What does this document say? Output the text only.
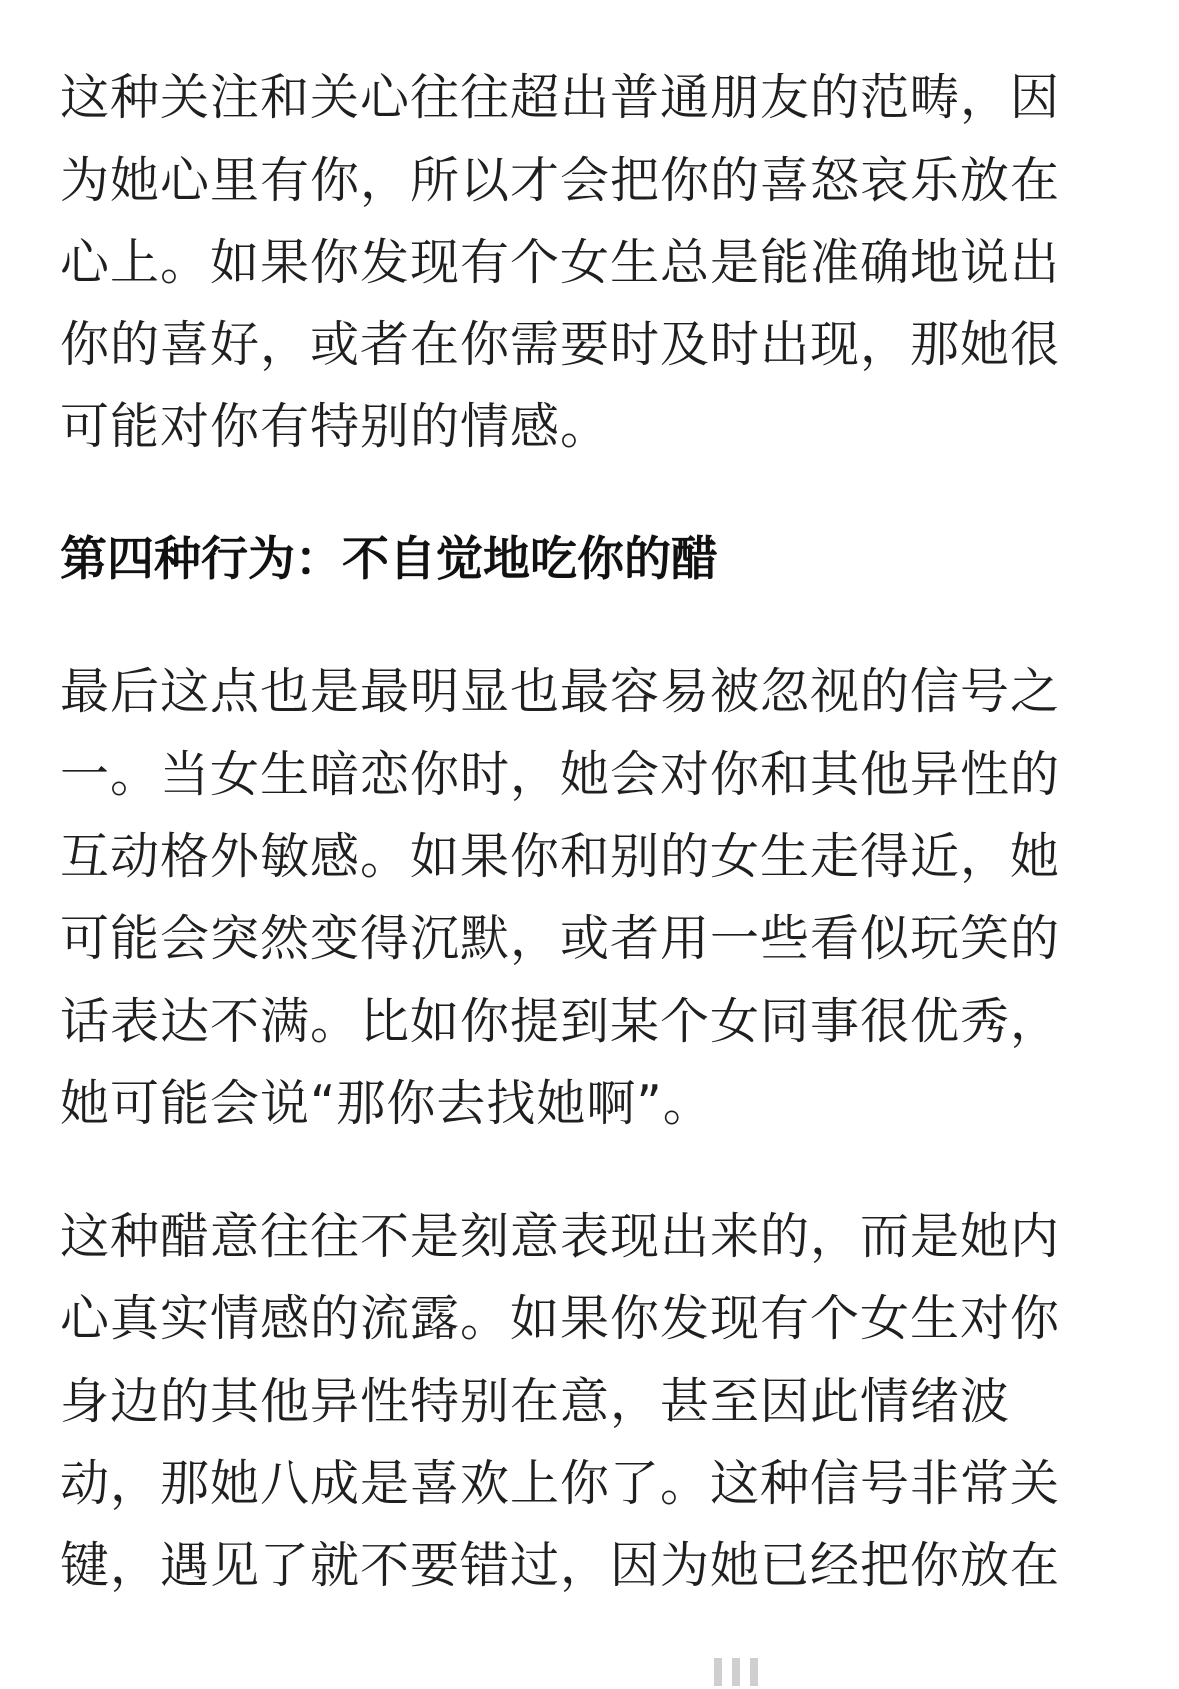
这种关注和关心往往超出普通朋友的范畴，因
为她心里有你，所以才会把你的喜怒哀乐放在
心上。如果你发现有个女生总是能准确地说出
你的喜好，或者在你需要时及时出现，那她很
可能对你有特别的情感。
第四种行为：不自觉地吃你的醋
最后这点也是最明显也最容易被忽视的信号之
一。当女生暗恋你时，她会对你和其他异性的
互动格外敏感。如果你和别的女生走得近，她
可能会突然变得沉默，或者用一些看似玩笑的
话表达不满。比如你提到某个女同事很优秀，
她可能会说“那你去找她啊”。
这种醋意往往不是刻意表现出来的，而是她内
心真实情感的流露。如果你发现有个女生对你
身边的其他异性特别在意，甚至因此情绪波
动，那她八成是喜欢上你了。这种信号非常关
键，遇见了就不要错过，因为她已经把你放在
